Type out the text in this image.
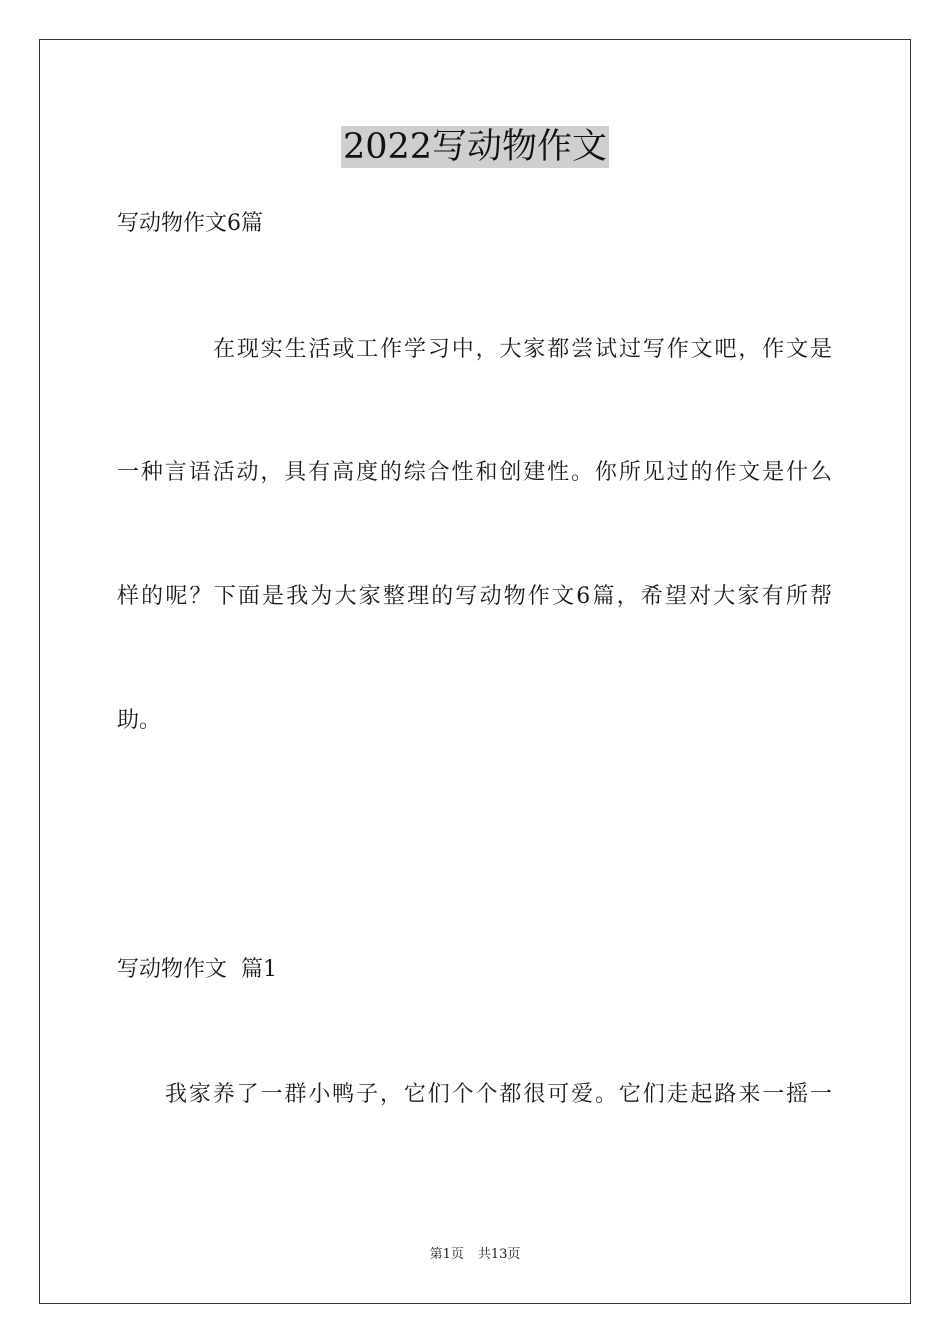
2022写动物作文
写动物作文6篇
在现实生活或工作学习中，大家都尝试过写作文吧，作文是
一种言语活动，具有高度的综合性和创建性。你所见过的作文是什么
样的呢？下面是我为大家整理的写动物作文6篇，希望对大家有所帮
助。
写动物作文  篇1
我家养了一群小鸭子，它们个个都很可爱。它们走起路来一摇一
第1页 共13页
